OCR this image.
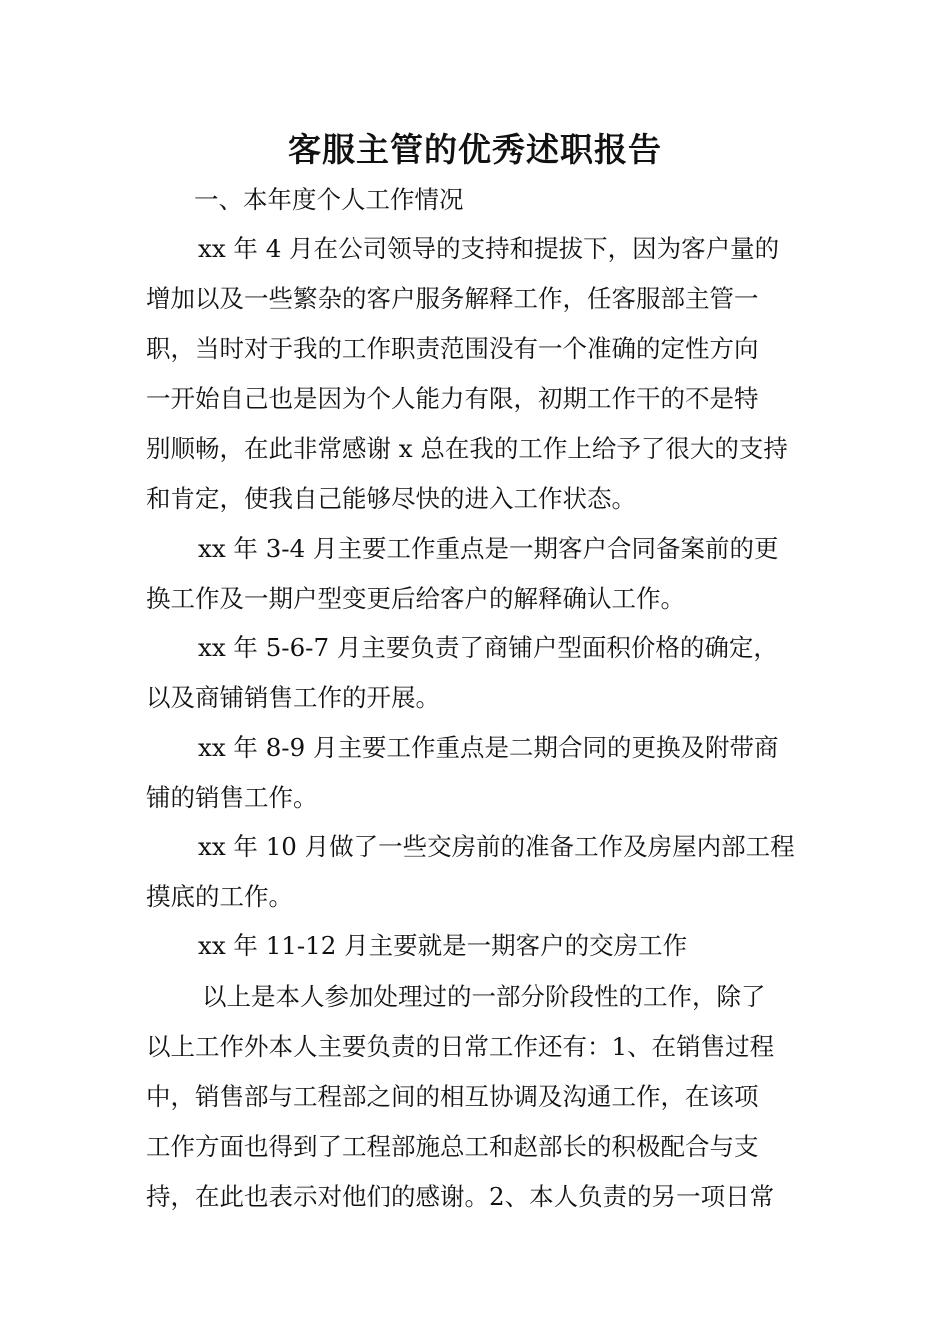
客服主管的优秀述职报告
一、本年度个人工作情况
xx 年 4 月在公司领导的支持和提拔下，因为客户量的
增加以及一些繁杂的客户服务解释工作，任客服部主管一
职，当时对于我的工作职责范围没有一个准确的定性方向
一开始自己也是因为个人能力有限，初期工作干的不是特
别顺畅，在此非常感谢 x 总在我的工作上给予了很大的支持
和肯定，使我自己能够尽快的进入工作状态。
xx 年 3-4 月主要工作重点是一期客户合同备案前的更
换工作及一期户型变更后给客户的解释确认工作。
xx 年 5-6-7 月主要负责了商铺户型面积价格的确定，
以及商铺销售工作的开展。
xx 年 8-9 月主要工作重点是二期合同的更换及附带商
铺的销售工作。
xx 年 10 月做了一些交房前的准备工作及房屋内部工程
摸底的工作。
xx 年 11-12 月主要就是一期客户的交房工作
以上是本人参加处理过的一部分阶段性的工作，除了
以上工作外本人主要负责的日常工作还有：1、在销售过程
中，销售部与工程部之间的相互协调及沟通工作，在该项
工作方面也得到了工程部施总工和赵部长的积极配合与支
持，在此也表示对他们的感谢。2、本人负责的另一项日常
